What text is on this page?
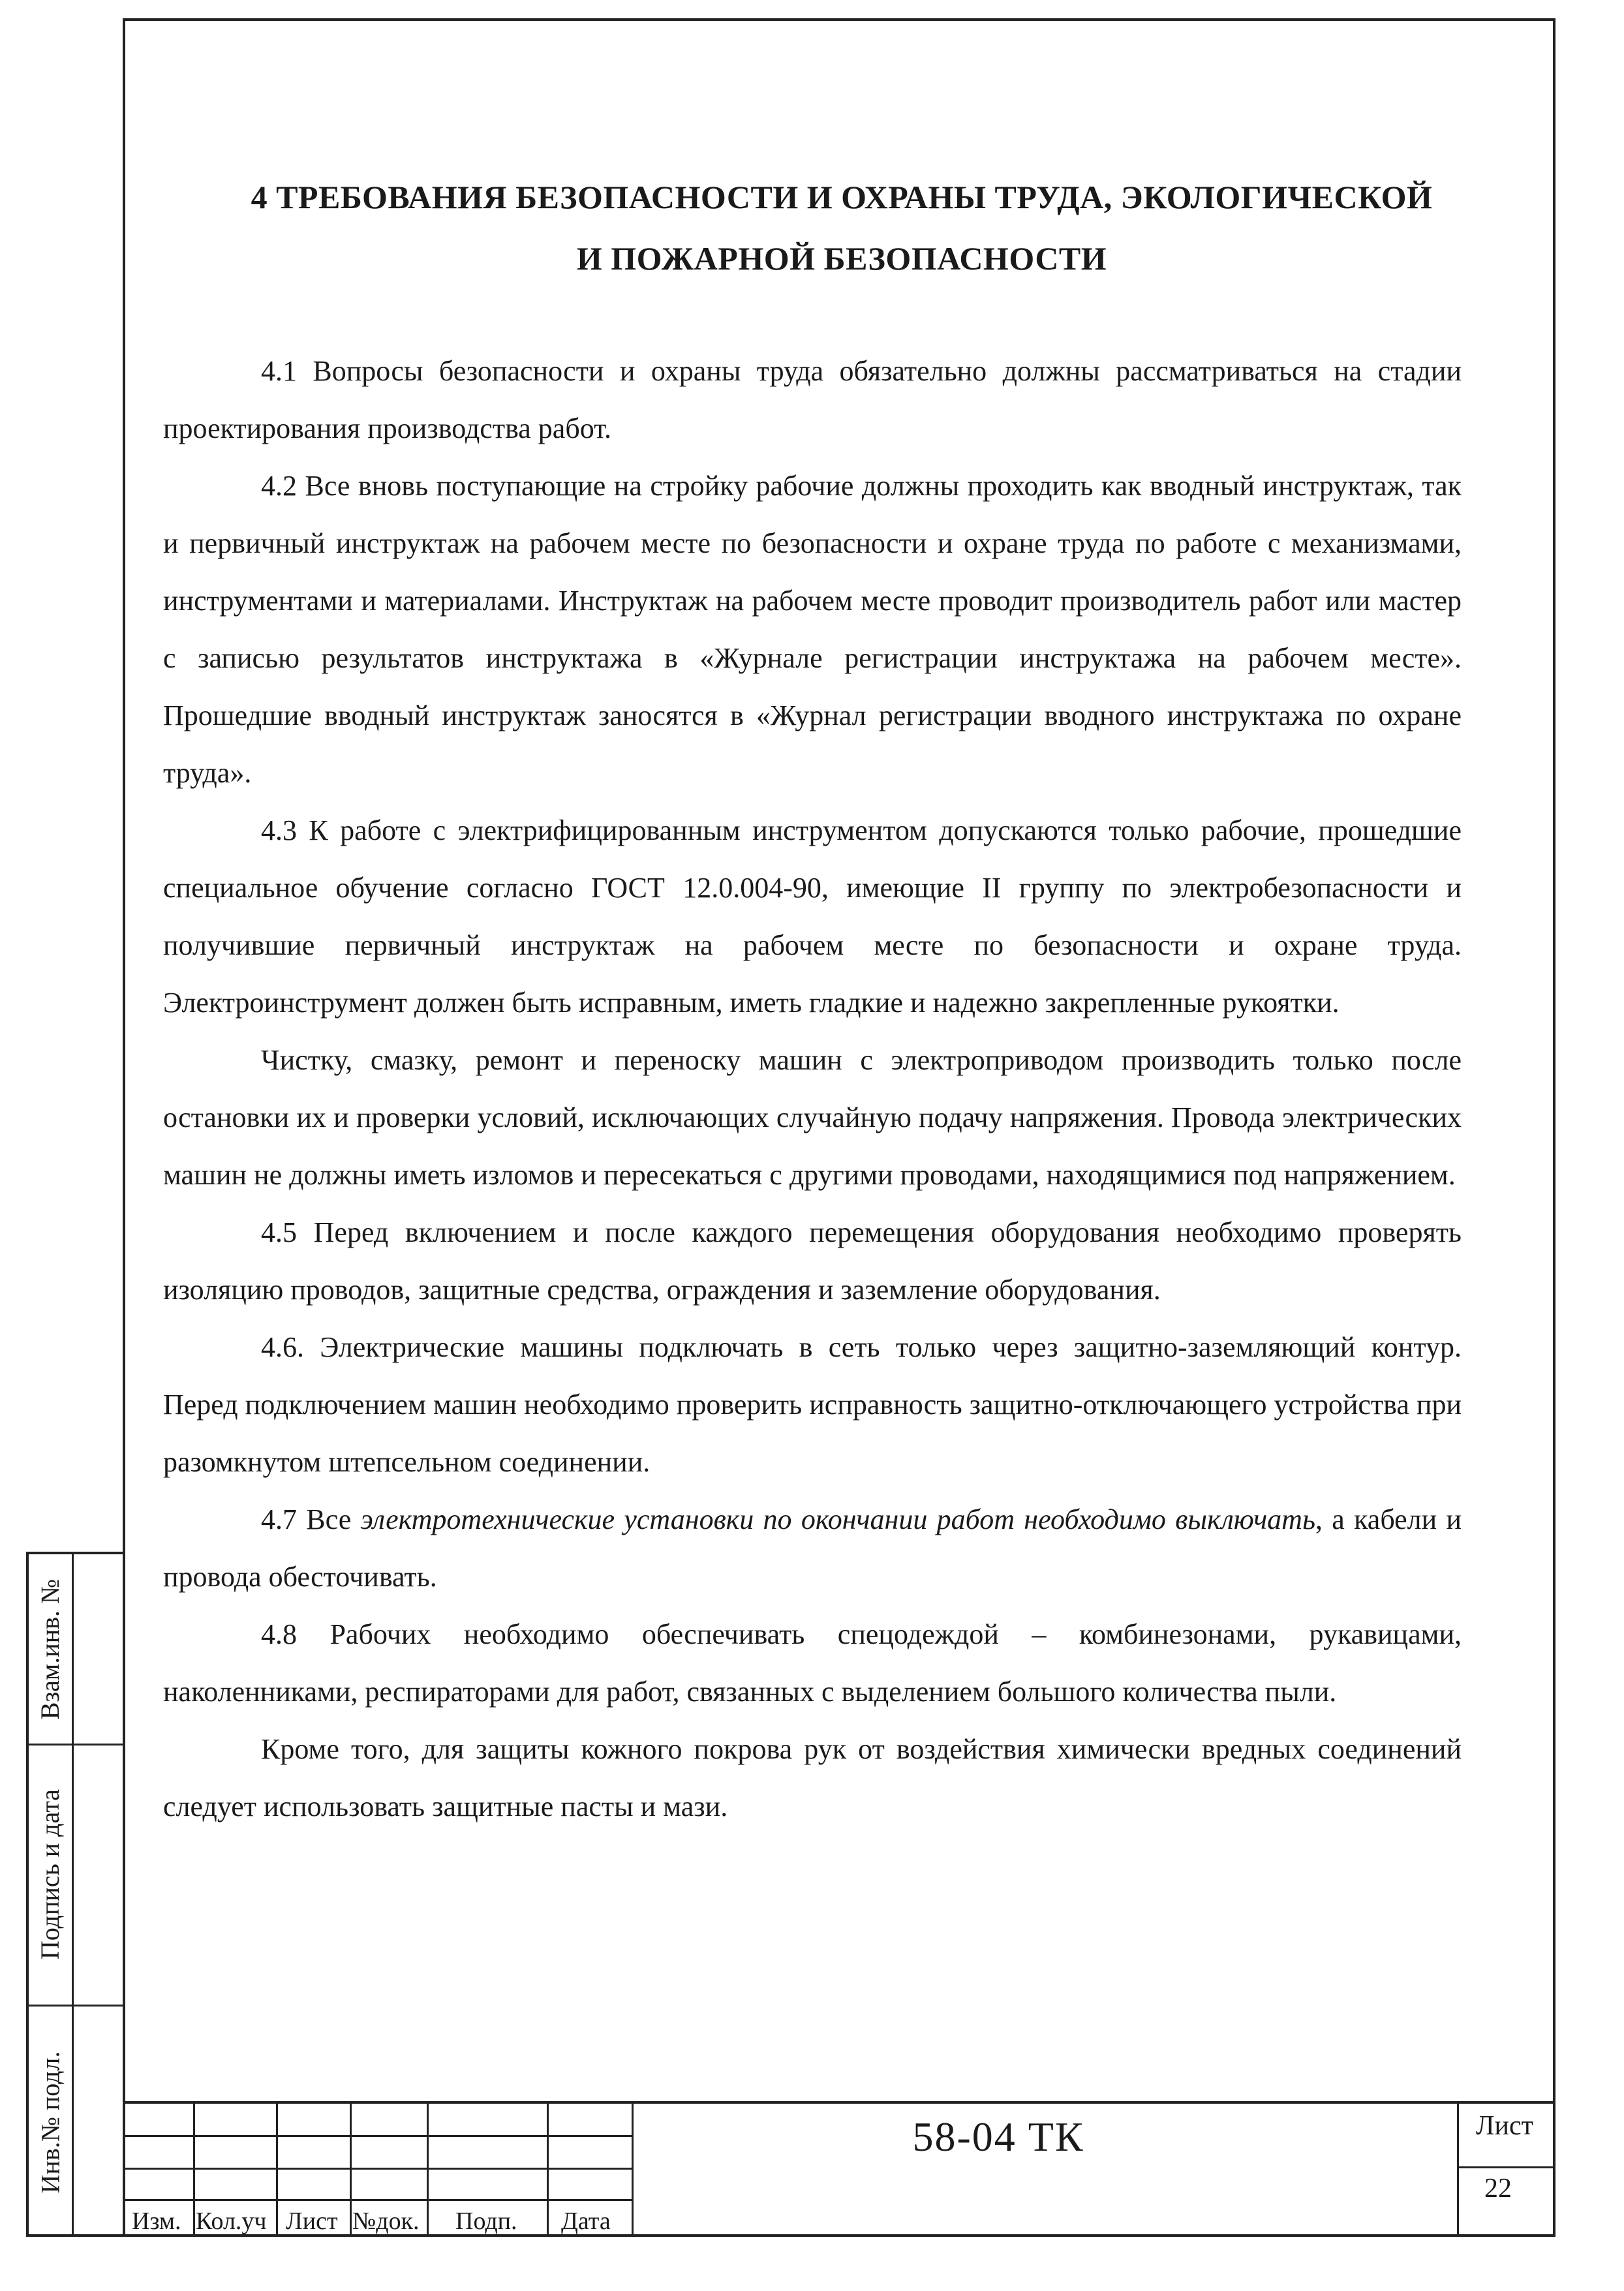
Взам.инв. №
Подпись и дата
Инв.№ подл.
4 ТРЕБОВАНИЯ БЕЗОПАСНОСТИ И ОХРАНЫ ТРУДА, ЭКОЛОГИЧЕСКОЙ
И ПОЖАРНОЙ БЕЗОПАСНОСТИ

4.1 Вопросы безопасности и охраны труда обязательно должны рассматриваться на стадии проектирования производства работ.

4.2 Все вновь поступающие на стройку рабочие должны проходить как вводный инструктаж, так и первичный инструктаж на рабочем месте по безопасности и охране труда по работе с механизмами, инструментами и материалами. Инструктаж на рабочем месте проводит производитель работ или мастер с записью результатов инструктажа в «Журнале регистрации инструктажа на рабочем месте». Прошедшие вводный инструктаж заносятся в «Журнал регистрации вводного инструктажа по охране труда».

4.3 К работе с электрифицированным инструментом допускаются только рабочие, прошедшие специальное обучение согласно ГОСТ 12.0.004-90, имеющие II группу по электробезопасности и получившие первичный инструктаж на рабочем месте по безопасности и охране труда. Электроинструмент должен быть исправным, иметь гладкие и надежно закрепленные рукоятки.

Чистку, смазку, ремонт и переноску машин с электроприводом производить только после остановки их и проверки условий, исключающих случайную подачу напряжения. Провода электрических машин не должны иметь изломов и пересекаться с другими проводами, находящимися под напряжением.

4.5 Перед включением и после каждого перемещения оборудования необходимо проверять изоляцию проводов, защитные средства, ограждения и заземление оборудования.

4.6. Электрические машины подключать в сеть только через защитно-заземляющий контур. Перед подключением машин необходимо проверить исправность защитно-отключающего устройства при разомкнутом штепсельном соединении.

4.7 Все электротехнические установки по окончании работ необходимо выключать, а кабели и провода обесточивать.

4.8 Рабочих необходимо обеспечивать спецодеждой – комбинезонами, рукавицами, наколенниками, респираторами для работ, связанных с выделением большого количества пыли.

Кроме того, для защиты кожного покрова рук от воздействия химически вредных соединений следует использовать защитные пасты и мази.

Изм. Кол.уч Лист №док. Подп. Дата
58-04 ТК	Лист
22
